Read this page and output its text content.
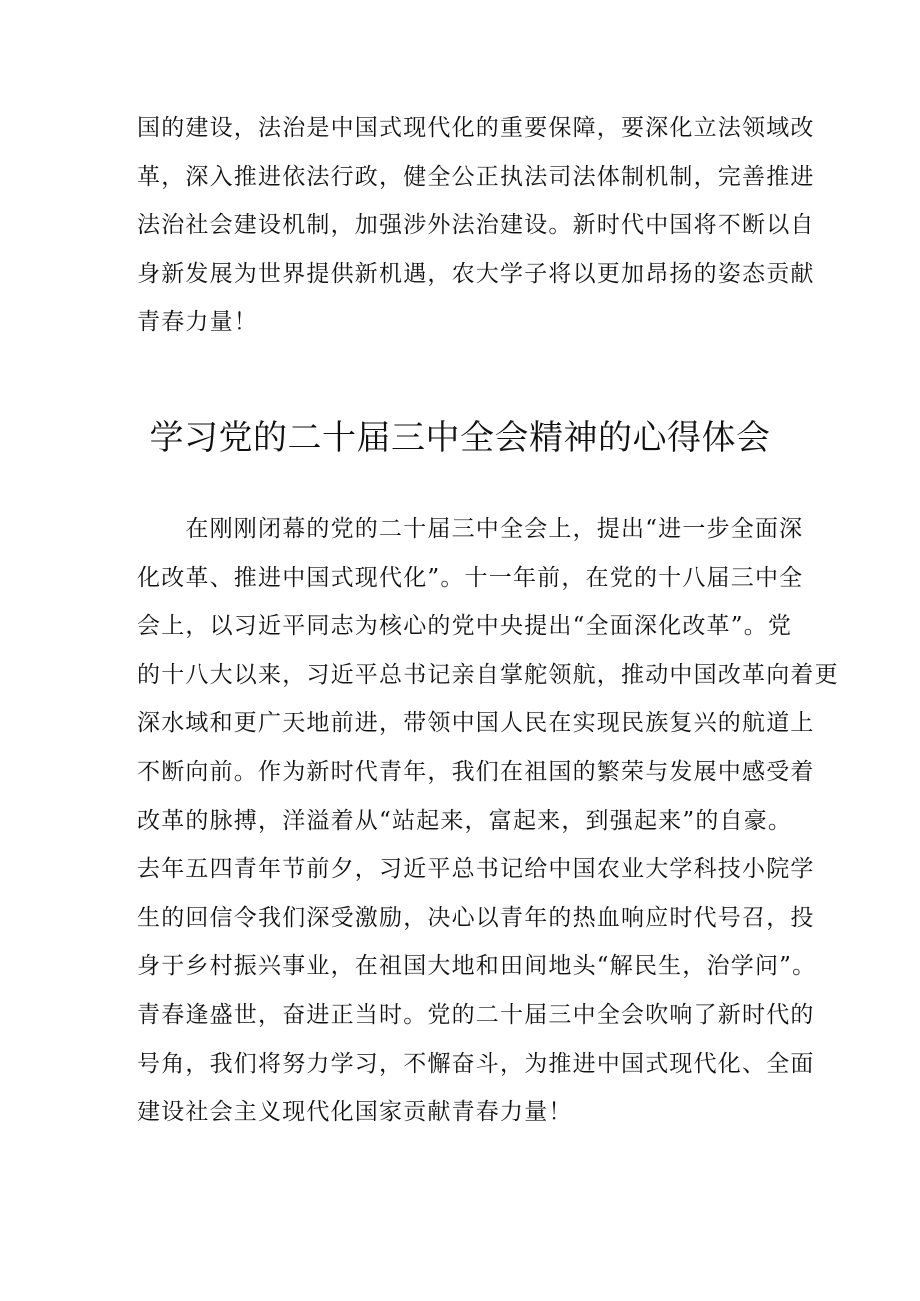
国的建设，法治是中国式现代化的重要保障，要深化立法领域改
革，深入推进依法行政，健全公正执法司法体制机制，完善推进
法治社会建设机制，加强涉外法治建设。新时代中国将不断以自
身新发展为世界提供新机遇，农大学子将以更加昂扬的姿态贡献
青春力量！
学习党的二十届三中全会精神的心得体会
　　在刚刚闭幕的党的二十届三中全会上，提出“进一步全面深
化改革、推进中国式现代化”。十一年前，在党的十八届三中全
会上，以习近平同志为核心的党中央提出“全面深化改革”。党
的十八大以来，习近平总书记亲自掌舵领航，推动中国改革向着更
深水域和更广天地前进，带领中国人民在实现民族复兴的航道上
不断向前。作为新时代青年，我们在祖国的繁荣与发展中感受着
改革的脉搏，洋溢着从“站起来，富起来，到强起来”的自豪。
去年五四青年节前夕，习近平总书记给中国农业大学科技小院学
生的回信令我们深受激励，决心以青年的热血响应时代号召，投
身于乡村振兴事业，在祖国大地和田间地头“解民生，治学问”。
青春逢盛世，奋进正当时。党的二十届三中全会吹响了新时代的
号角，我们将努力学习，不懈奋斗，为推进中国式现代化、全面
建设社会主义现代化国家贡献青春力量！
